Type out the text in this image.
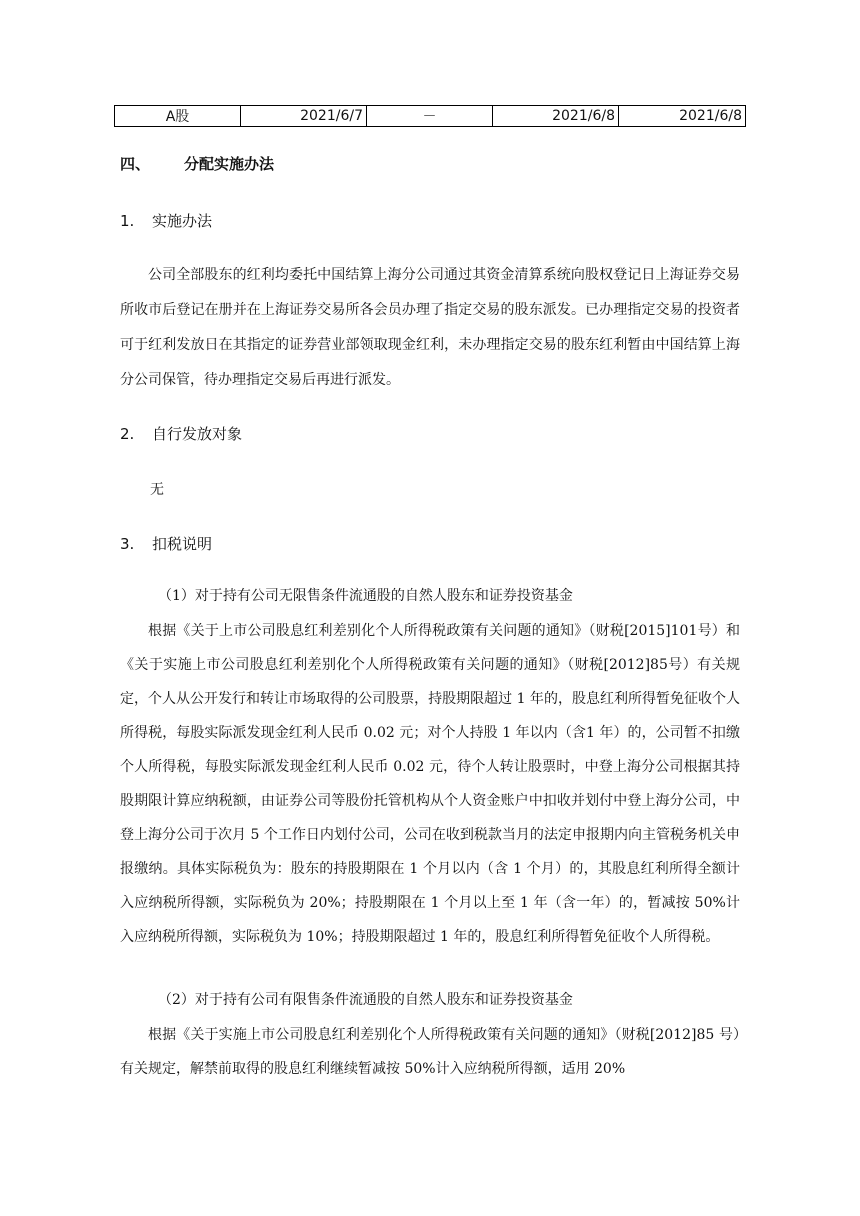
A股	2021/6/7	－	2021/6/8	2021/6/8
四、 分配实施办法
1. 实施办法

公司全部股东的红利均委托中国结算上海分公司通过其资金清算系统向股权登记日上海证券交易所收市后登记在册并在上海证券交易所各会员办理了指定交易的股东派发。已办理指定交易的投资者可于红利发放日在其指定的证券营业部领取现金红利，未办理指定交易的股东红利暂由中国结算上海分公司保管，待办理指定交易后再进行派发。

2. 自行发放对象
无
3. 扣税说明
（1）对于持有公司无限售条件流通股的自然人股东和证券投资基金

根据《关于上市公司股息红利差别化个人所得税政策有关问题的通知》（财税[2015]101号）和《关于实施上市公司股息红利差别化个人所得税政策有关问题的通知》（财税[2012]85号）有关规定，个人从公开发行和转让市场取得的公司股票，持股期限超过 1 年的，股息红利所得暂免征收个人所得税，每股实际派发现金红利人民币 0.02 元；对个人持股 1 年以内（含1 年）的，公司暂不扣缴个人所得税，每股实际派发现金红利人民币 0.02 元，待个人转让股票时，中登上海分公司根据其持股期限计算应纳税额，由证券公司等股份托管机构从个人资金账户中扣收并划付中登上海分公司，中登上海分公司于次月 5 个工作日内划付公司，公司在收到税款当月的法定申报期内向主管税务机关申报缴纳。具体实际税负为：股东的持股期限在 1 个月以内（含 1 个月）的，其股息红利所得全额计入应纳税所得额，实际税负为 20%；持股期限在 1 个月以上至 1 年（含一年）的，暂减按 50%计入应纳税所得额，实际税负为 10%；持股期限超过 1 年的，股息红利所得暂免征收个人所得税。

（2）对于持有公司有限售条件流通股的自然人股东和证券投资基金

根据《关于实施上市公司股息红利差别化个人所得税政策有关问题的通知》（财税[2012]85 号）有关规定，解禁前取得的股息红利继续暂减按 50%计入应纳税所得额，适用 20%
